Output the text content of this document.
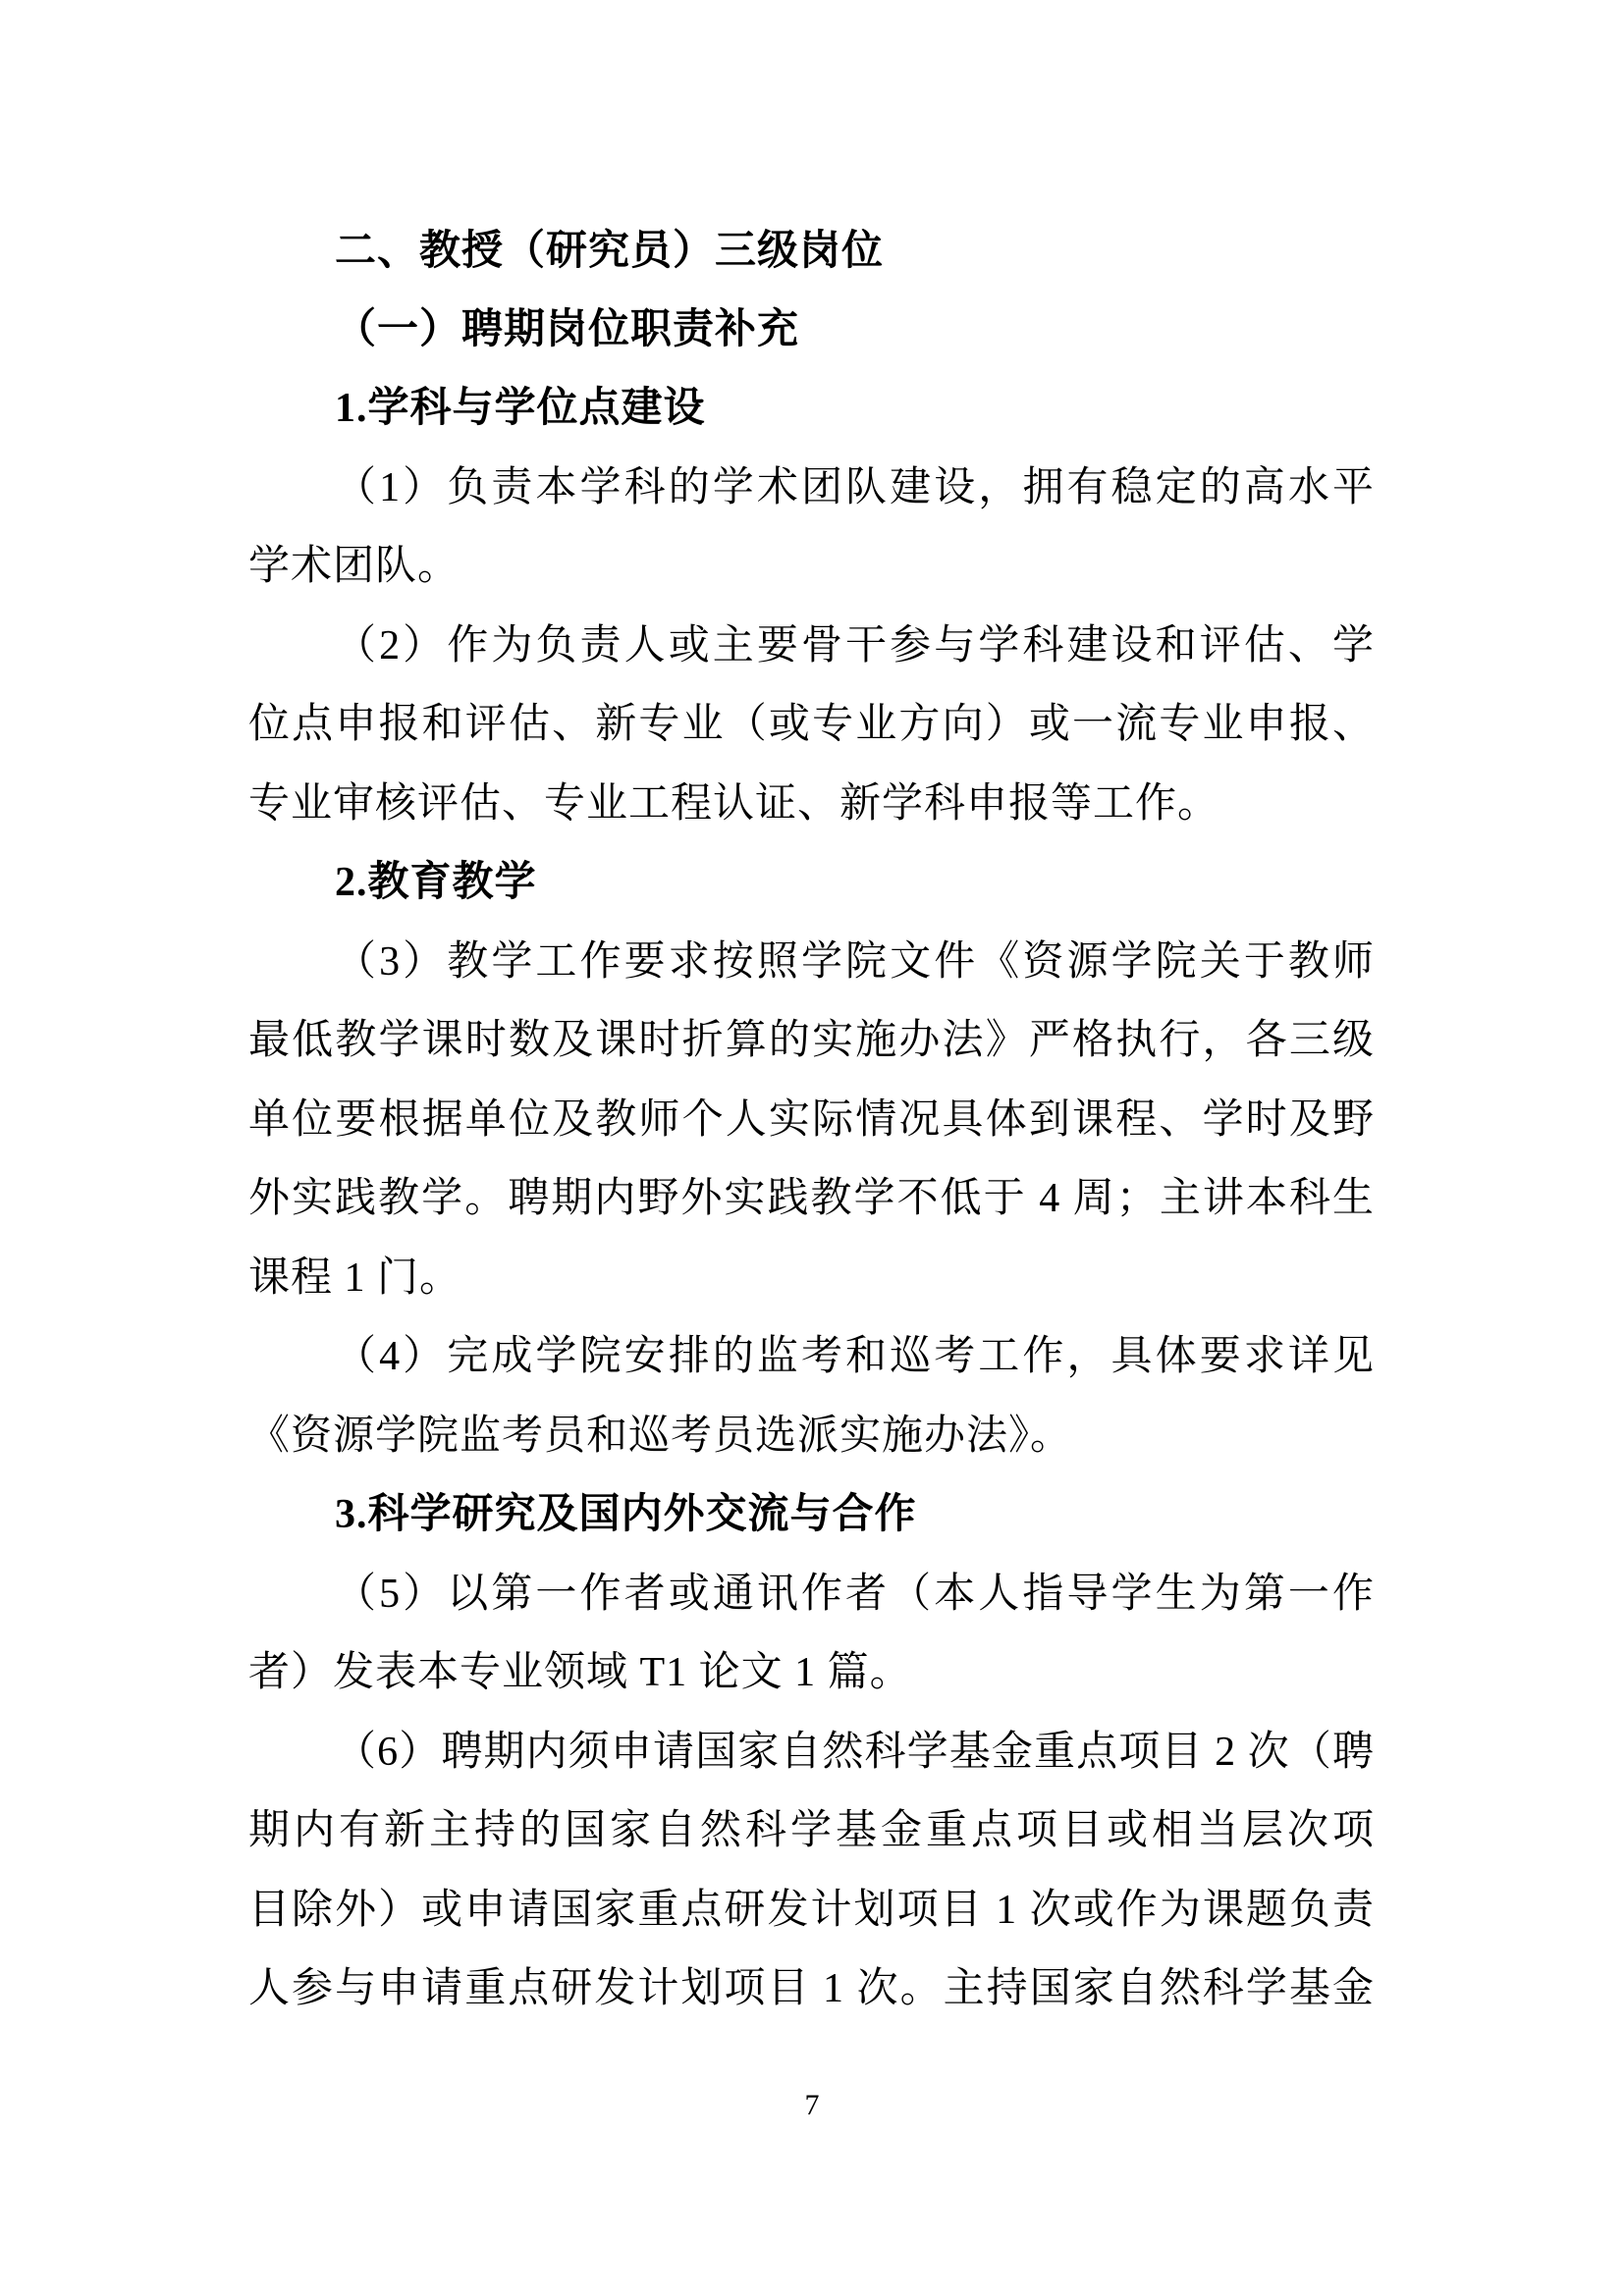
二、教授（研究员）三级岗位
（一）聘期岗位职责补充
1.学科与学位点建设
（1）负责本学科的学术团队建设，拥有稳定的高水平
学术团队。
（2）作为负责人或主要骨干参与学科建设和评估、学
位点申报和评估、新专业（或专业方向）或一流专业申报、
专业审核评估、专业工程认证、新学科申报等工作。
2.教育教学
（3）教学工作要求按照学院文件《资源学院关于教师
最低教学课时数及课时折算的实施办法》严格执行，各三级
单位要根据单位及教师个人实际情况具体到课程、学时及野
外实践教学。聘期内野外实践教学不低于 4 周；主讲本科生
课程 1 门。
（4）完成学院安排的监考和巡考工作，具体要求详见
《资源学院监考员和巡考员选派实施办法》。
3.科学研究及国内外交流与合作
（5）以第一作者或通讯作者（本人指导学生为第一作
者）发表本专业领域 T1 论文 1 篇。
（6）聘期内须申请国家自然科学基金重点项目 2 次（聘
期内有新主持的国家自然科学基金重点项目或相当层次项
目除外）或申请国家重点研发计划项目 1 次或作为课题负责
人参与申请重点研发计划项目 1 次。主持国家自然科学基金
7
